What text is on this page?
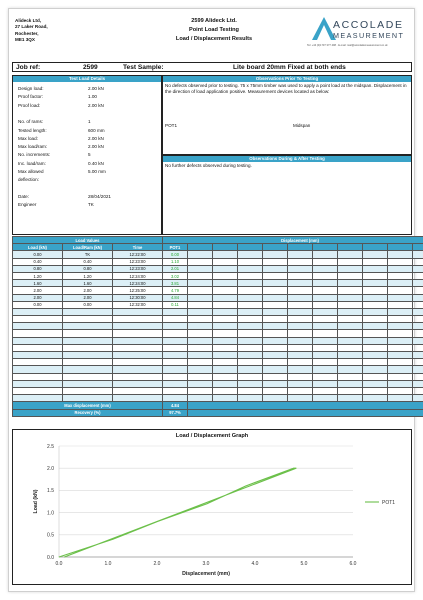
Alideck Ltd,
27 Laker Road,
Rochester,
ME1 3QX
2599 Alideck Ltd.
Point Load Testing
Load / Displacement Results
ACCOLADE
MEASUREMENT
Tel: +44 (0)1707 377 498 · E-mail: mail@accolademeasurement.co.uk
Job ref:	2599	Test Sample:	Lite board 20mm Fixed at both ends
Test Load Details
Design load:	2.00 kN
Proof factor:	1.00
Proof load:	2.00 kN
No. of rams:	1
Tested length:	600 mm
Max load:	2.00 kN
Max load/ram:	2.00 kN
No. increments:	5
Inc. load/ram:	0.40 kN
Max allowed	5.00 mm
deflection:
Date:	28/04/2021
Engineer	TK
Observations Prior To Testing
No defects observed prior to testing. 75 x 75mm timber was used to apply a point load at the midspan. Displacement in the direction of load application positive. Measurement devices located as below:
POT1	Midspan
Observations During & After Testing
No further defects observed during testing.
Load Values			Displacement (mm)										
Load (kN)	Load/Ram (kN)	Time	POT1										
0.00	TK	12:22:00	0.00										
0.40	0.40	12:23:00	1.10										
0.80	0.80	12:23:00	2.01										
1.20	1.20	12:24:00	3.02										
1.60	1.60	12:24:00	3.81										
2.00	2.00	12:25:00	4.79										
2.00	2.00	12:30:00	4.84										
0.00	0.00	12:32:00	0.11										

Max displacement (mm)			4.84										
Recovery (%)			97.7%										
Load / Displacement Graph
0.0
0.5
1.0
1.5
2.0
2.5
0.0	1.0	2.0	3.0	4.0	5.0	6.0
Displacement (mm)
Load (kN)	POT1
